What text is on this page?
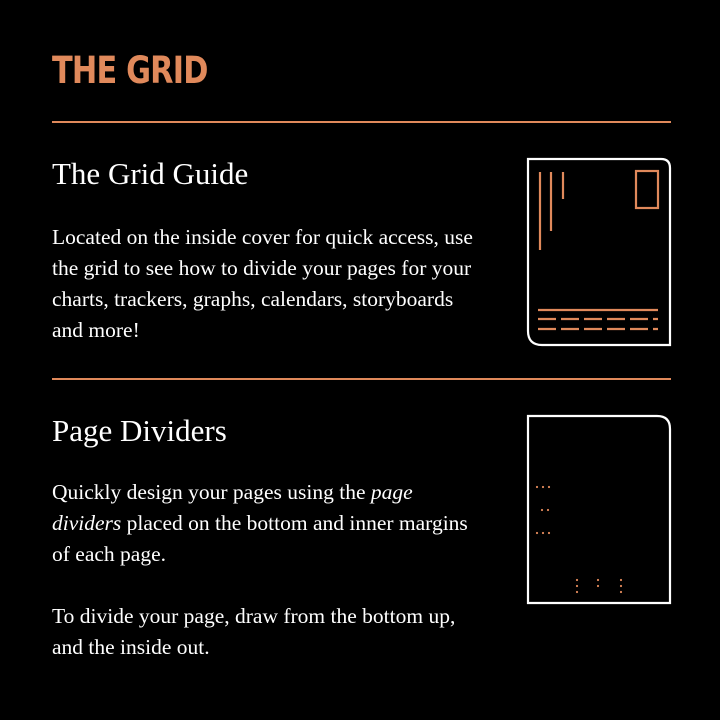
THE GRID
The Grid Guide

Located on the inside cover for quick access, use the grid to see how to divide your pages for your charts, trackers, graphs, calendars, storyboards and more!

Page Dividers

Quickly design your pages using the page dividers placed on the bottom and inner margins of each page.

To divide your page, draw from the bottom up, and the inside out.
